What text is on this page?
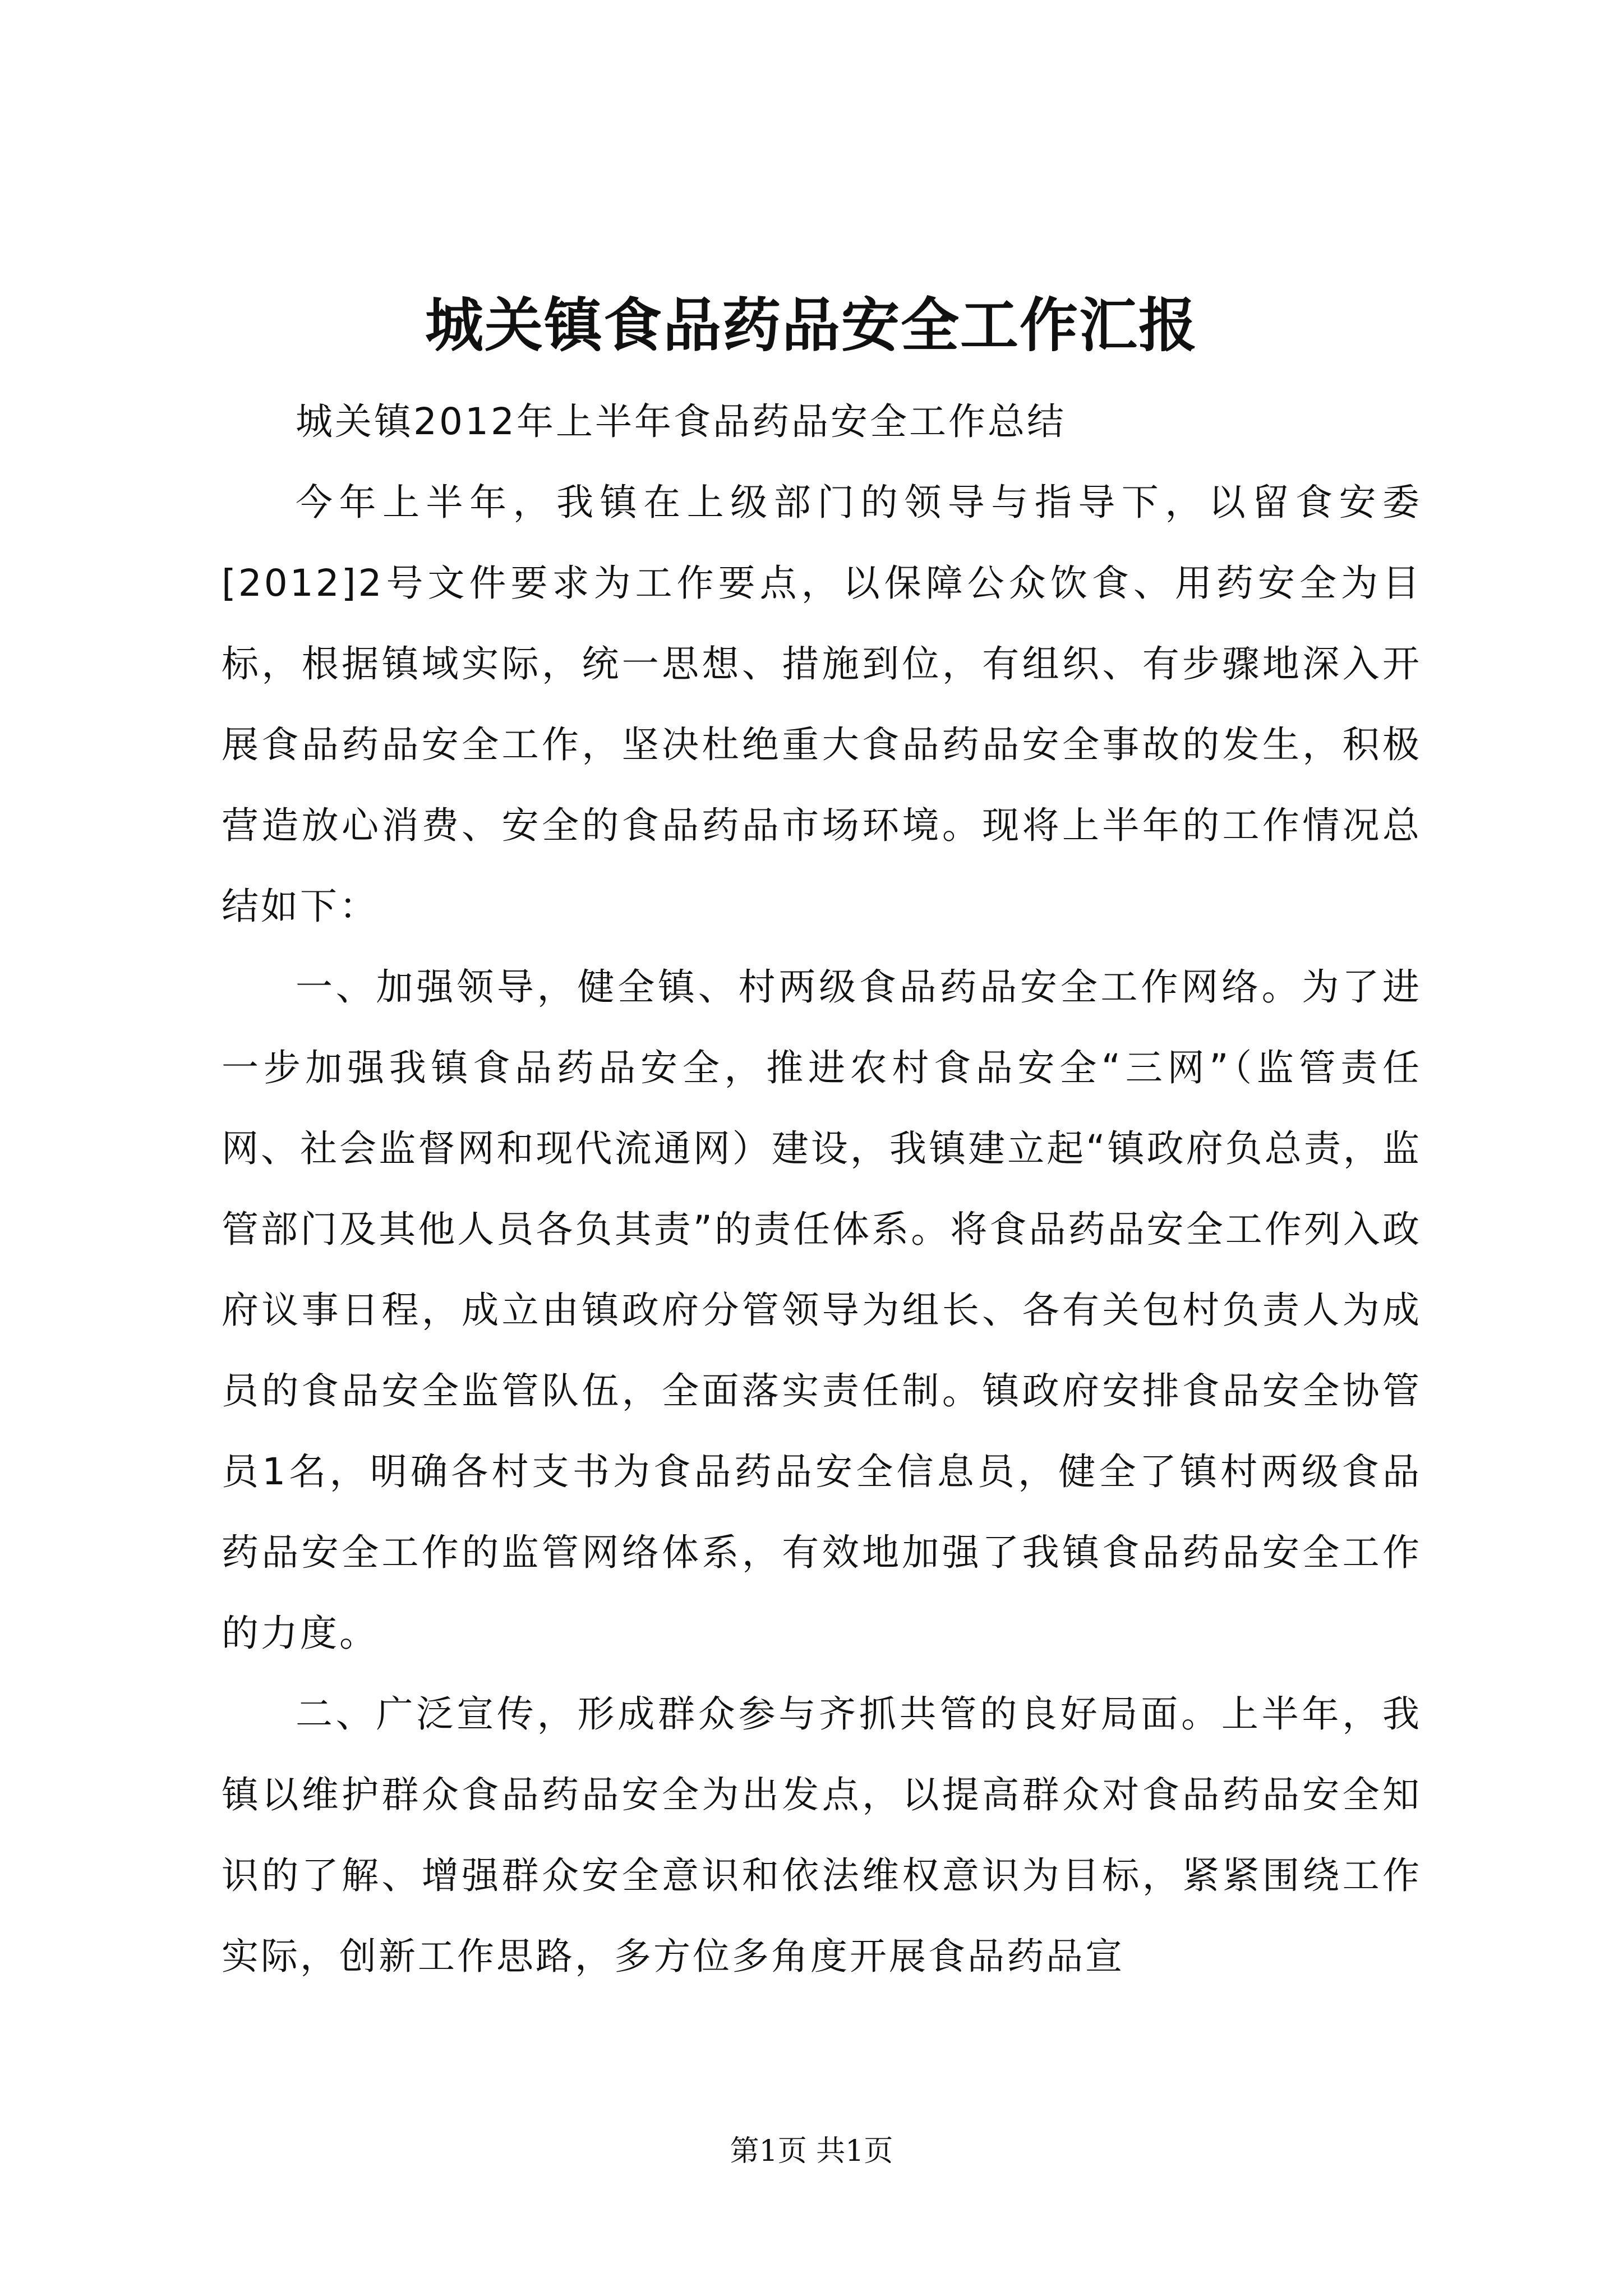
城关镇食品药品安全工作汇报

城关镇2012年上半年食品药品安全工作总结

今年上半年，我镇在上级部门的领导与指导下，以留食安委[2012]2号文件要求为工作要点，以保障公众饮食、用药安全为目标，根据镇域实际，统一思想、措施到位，有组织、有步骤地深入开展食品药品安全工作，坚决杜绝重大食品药品安全事故的发生，积极营造放心消费、安全的食品药品市场环境。现将上半年的工作情况总结如下：

一、加强领导，健全镇、村两级食品药品安全工作网络。为了进一步加强我镇食品药品安全，推进农村食品安全“三网”（监管责任网、社会监督网和现代流通网）建设，我镇建立起“镇政府负总责，监管部门及其他人员各负其责”的责任体系。将食品药品安全工作列入政府议事日程，成立由镇政府分管领导为组长、各有关包村负责人为成员的食品安全监管队伍，全面落实责任制。镇政府安排食品安全协管员1名，明确各村支书为食品药品安全信息员，健全了镇村两级食品药品安全工作的监管网络体系，有效地加强了我镇食品药品安全工作的力度。

二、广泛宣传，形成群众参与齐抓共管的良好局面。上半年，我镇以维护群众食品药品安全为出发点，以提高群众对食品药品安全知识的了解、增强群众安全意识和依法维权意识为目标，紧紧围绕工作实际，创新工作思路，多方位多角度开展食品药品宣

第1页 共1页
